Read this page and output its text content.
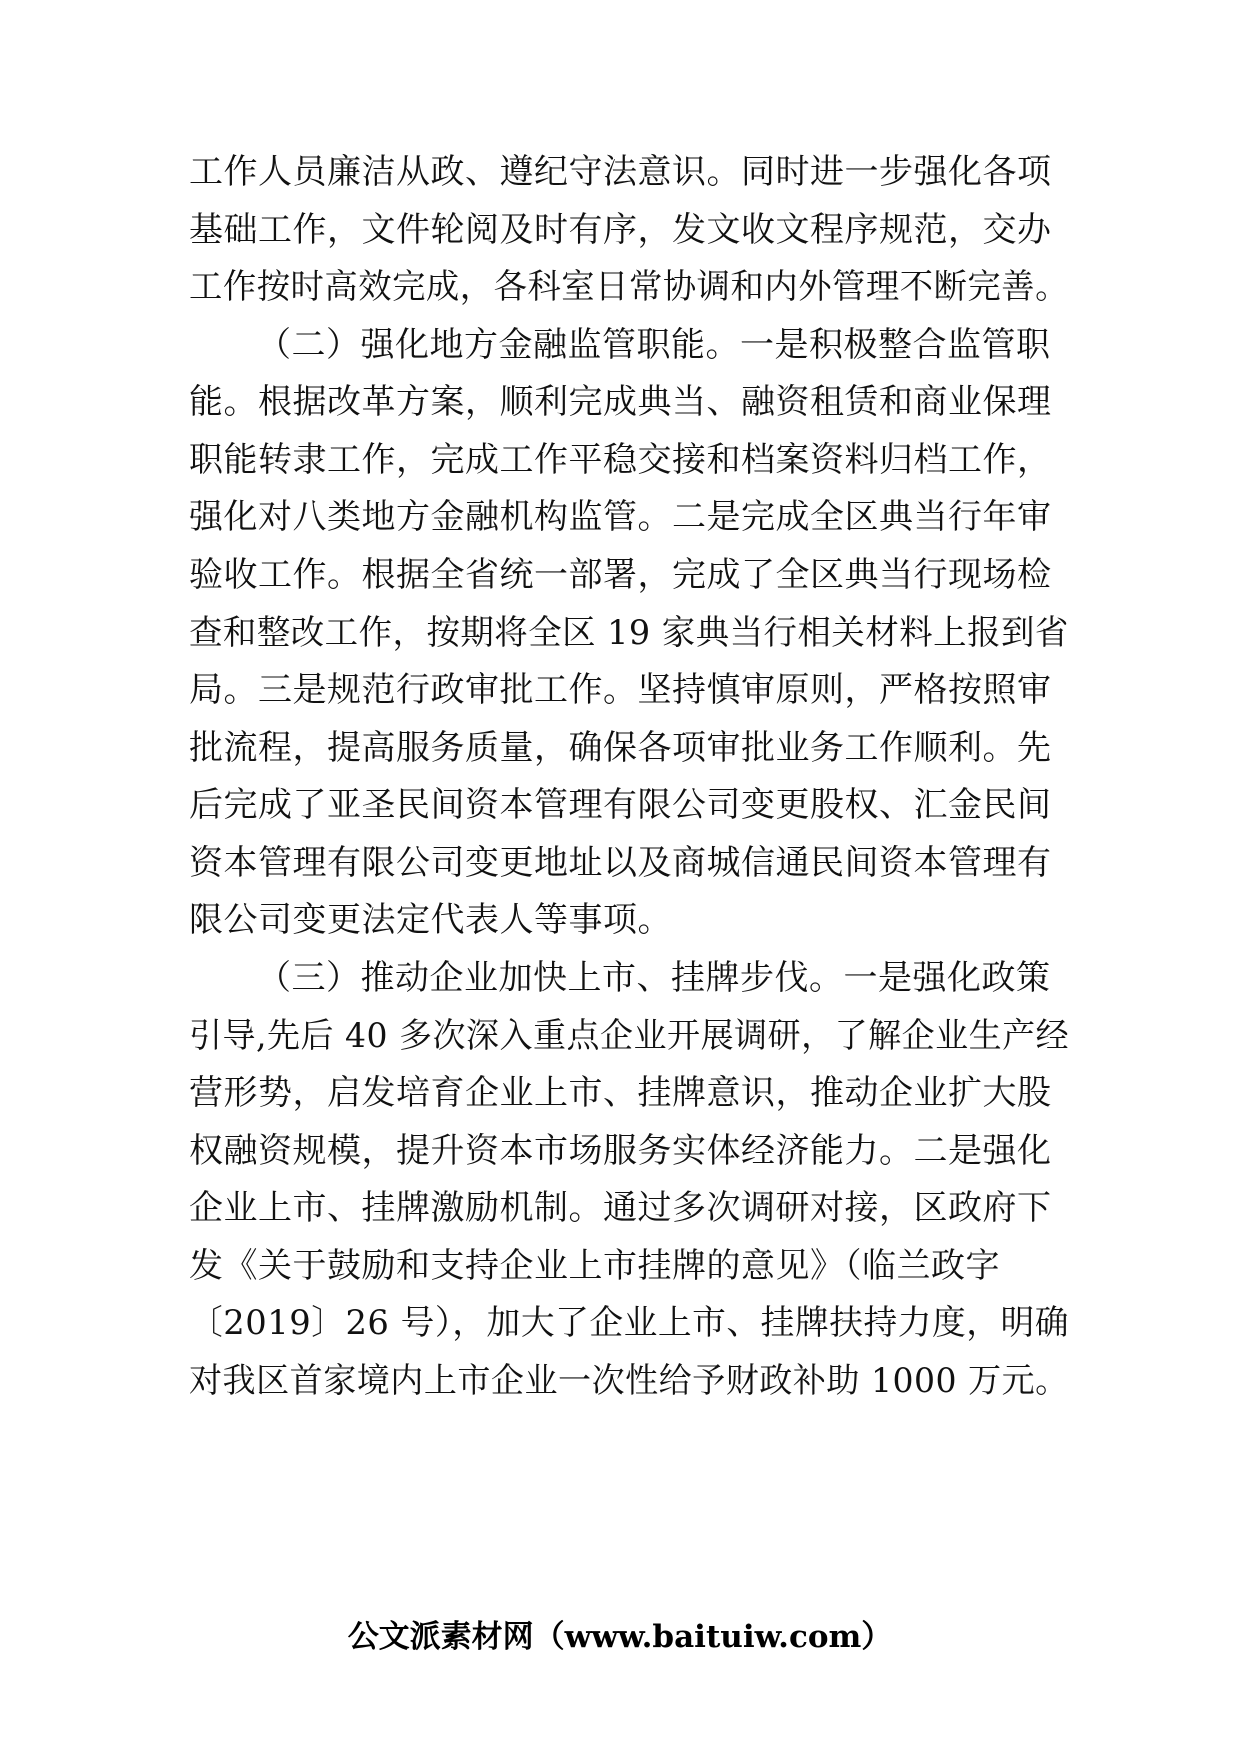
工作人员廉洁从政、遵纪守法意识。同时进一步强化各项
基础工作，文件轮阅及时有序，发文收文程序规范，交办
工作按时高效完成，各科室日常协调和内外管理不断完善。
（二）强化地方金融监管职能。一是积极整合监管职
能。根据改革方案，顺利完成典当、融资租赁和商业保理
职能转隶工作，完成工作平稳交接和档案资料归档工作，
强化对八类地方金融机构监管。二是完成全区典当行年审
验收工作。根据全省统一部署，完成了全区典当行现场检
查和整改工作，按期将全区 19 家典当行相关材料上报到省
局。三是规范行政审批工作。坚持慎审原则，严格按照审
批流程，提高服务质量，确保各项审批业务工作顺利。先
后完成了亚圣民间资本管理有限公司变更股权、汇金民间
资本管理有限公司变更地址以及商城信通民间资本管理有
限公司变更法定代表人等事项。
（三）推动企业加快上市、挂牌步伐。一是强化政策
引导,先后 40 多次深入重点企业开展调研，了解企业生产经
营形势，启发培育企业上市、挂牌意识，推动企业扩大股
权融资规模，提升资本市场服务实体经济能力。二是强化
企业上市、挂牌激励机制。通过多次调研对接，区政府下
发《关于鼓励和支持企业上市挂牌的意见》（临兰政字
〔2019〕26 号），加大了企业上市、挂牌扶持力度，明确
对我区首家境内上市企业一次性给予财政补助 1000 万元。
公文派素材网（www.baituiw.com）
